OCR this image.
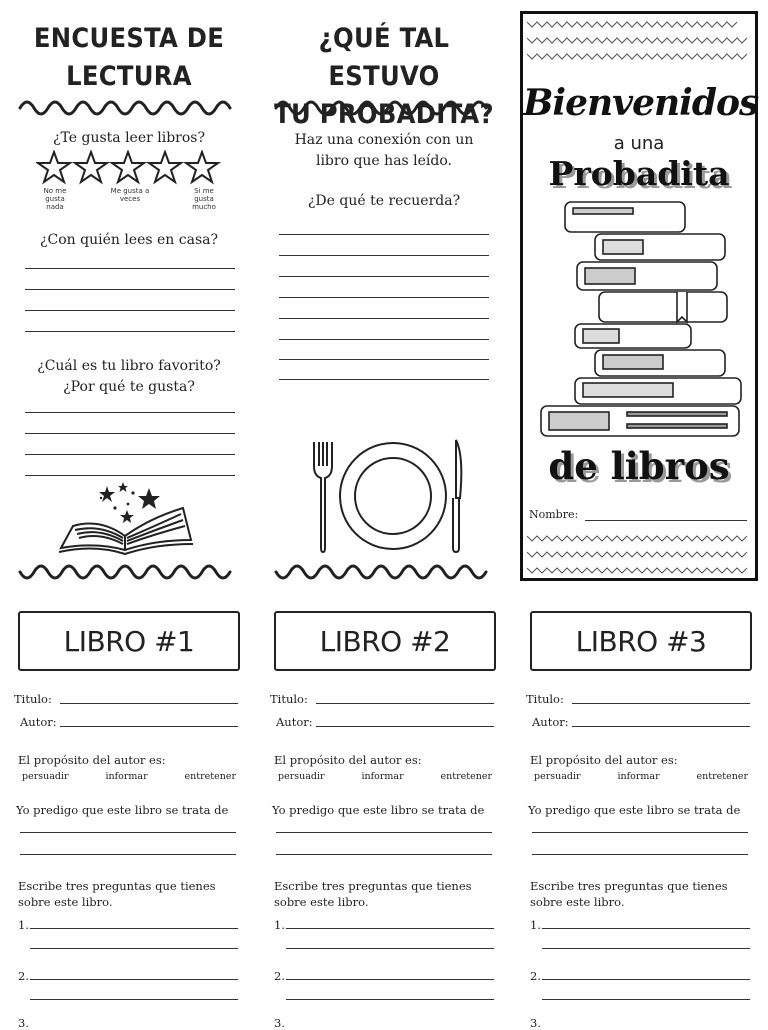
ENCUESTA DE
LECTURA
¿Te gusta leer libros?
No me gusta nada
Me gusta a veces
Si me gusta mucho
¿Con quién lees en casa?
¿Cuál es tu libro favorito?
¿Por qué te gusta?
¿QUÉ TAL ESTUVO
TU PROBADITA?
Haz una conexión con un
libro que has leído.
¿De qué te recuerda?
Bienvenidos
a una
Probadita
de libros
Nombre:
LIBRO #1
Titulo:
Autor:
El propósito del autor es:
persuadir	informar	entretener
Yo predigo que este libro se trata de
Escribe tres preguntas que tienes
sobre este libro.
1.
2.
3.
LIBRO #2
Titulo:
Autor:
El propósito del autor es:
persuadir	informar	entretener
Yo predigo que este libro se trata de
Escribe tres preguntas que tienes
sobre este libro.
1.
2.
3.
LIBRO #3
Titulo:
Autor:
El propósito del autor es:
persuadir	informar	entretener
Yo predigo que este libro se trata de
Escribe tres preguntas que tienes
sobre este libro.
1.
2.
3.
